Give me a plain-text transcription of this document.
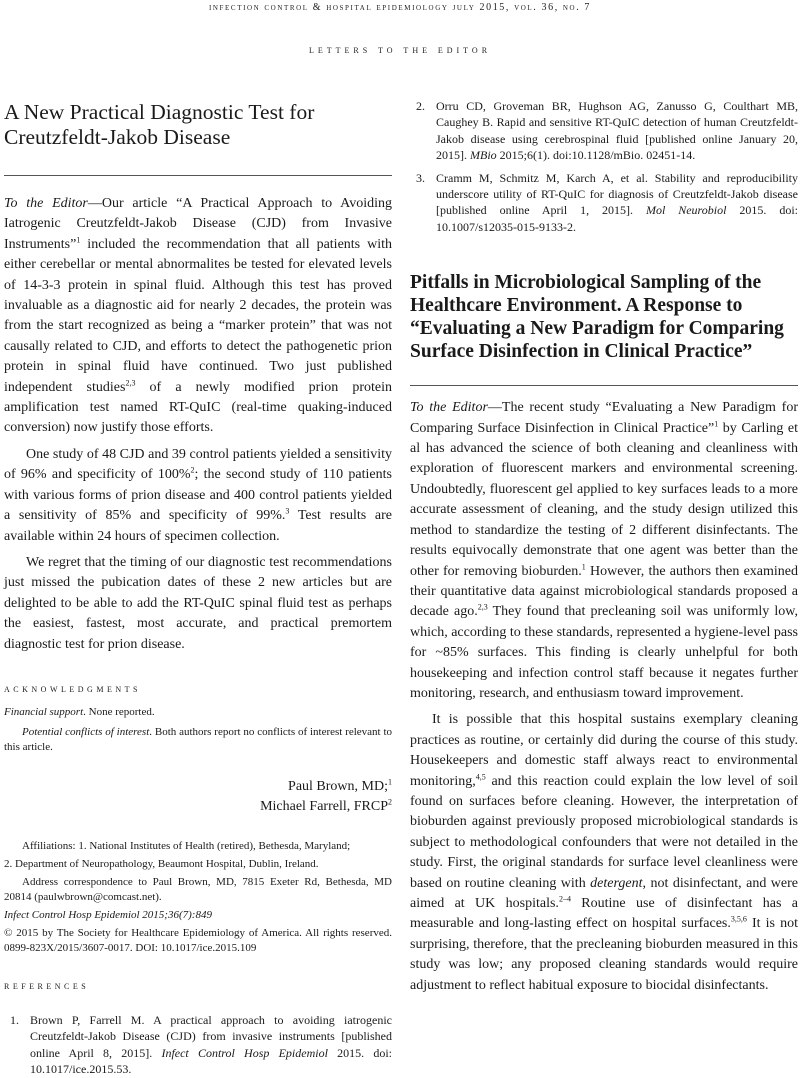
infection control & hospital epidemiology july 2015, vol. 36, no. 7
letters to the editor
A New Practical Diagnostic Test for
Creutzfeldt-Jakob Disease

To the Editor—Our article “A Practical Approach to Avoiding Iatrogenic Creutzfeldt-Jakob Disease (CJD) from Invasive Instruments”$^1$ included the recommendation that all patients with either cerebellar or mental abnormalites be tested for elevated levels of 14-3-3 protein in spinal fluid. Although this test has proved invaluable as a diagnostic aid for nearly 2 decades, the protein was from the start recognized as being a “marker protein” that was not causally related to CJD, and efforts to detect the pathogenetic prion protein in spinal fluid have continued. Two just published independent studies$^{2,3}$ of a newly modified prion protein amplification test named RT-QuIC (real-time quaking-induced conversion) now justify those efforts.

One study of 48 CJD and 39 control patients yielded a sensitivity of 96% and specificity of 100%$^2$; the second study of 110 patients with various forms of prion disease and 400 control patients yielded a sensitivity of 85% and specificity of 99%.$^3$ Test results are available within 24 hours of specimen collection.

We regret that the timing of our diagnostic test recommendations just missed the pubication dates of these 2 new articles but are delighted to be able to add the RT-QuIC spinal fluid test as perhaps the easiest, fastest, most accurate, and practical premortem diagnostic test for prion disease.

acknowledgments

Financial support. None reported.

Potential conflicts of interest. Both authors report no conflicts of interest relevant to this article.

Paul Brown, MD;$^1$

Michael Farrell, FRCP$^2$

Affiliations: 1. National Institutes of Health (retired), Bethesda, Maryland;

2. Department of Neuropathology, Beaumont Hospital, Dublin, Ireland.

Address correspondence to Paul Brown, MD, 7815 Exeter Rd, Bethesda, MD 20814 (paulwbrown@comcast.net).

Infect Control Hosp Epidemiol 2015;36(7):849

© 2015 by The Society for Healthcare Epidemiology of America. All rights reserved. 0899-823X/2015/3607-0017. DOI: 10.1017/ice.2015.109

references

1. Brown P, Farrell M. A practical approach to avoiding iatrogenic Creutzfeldt-Jakob Disease (CJD) from invasive instruments [published online April 8, 2015]. Infect Control Hosp Epidemiol 2015. doi: 10.1017/ice.2015.53.
2. Orru CD, Groveman BR, Hughson AG, Zanusso G, Coulthart MB, Caughey B. Rapid and sensitive RT-QuIC detection of human Creutzfeldt-Jakob disease using cerebrospinal fluid [published online January 20, 2015]. MBio 2015;6(1). doi:10.1128/mBio. 02451-14.
3. Cramm M, Schmitz M, Karch A, et al. Stability and reproducibility underscore utility of RT-QuIC for diagnosis of Creutzfeldt-Jakob disease [published online April 1, 2015]. Mol Neurobiol 2015. doi: 10.1007/s12035-015-9133-2.
Pitfalls in Microbiological Sampling of the
Healthcare Environment. A Response to
“Evaluating a New Paradigm for Comparing
Surface Disinfection in Clinical Practice”

To the Editor—The recent study “Evaluating a New Paradigm for Comparing Surface Disinfection in Clinical Practice”$^1$ by Carling et al has advanced the science of both cleaning and cleanliness with exploration of fluorescent markers and environmental screening. Undoubtedly, fluorescent gel applied to key surfaces leads to a more accurate assessment of cleaning, and the study design utilized this method to standardize the testing of 2 different disinfectants. The results equivocally demonstrate that one agent was better than the other for removing bioburden.$^1$ However, the authors then examined their quantitative data against microbiological standards proposed a decade ago.$^{2,3}$ They found that precleaning soil was uniformly low, which, according to these standards, represented a hygiene-level pass for ~85% surfaces. This finding is clearly unhelpful for both housekeeping and infection control staff because it negates further monitoring, research, and enthusiasm toward improvement.

It is possible that this hospital sustains exemplary cleaning practices as routine, or certainly did during the course of this study. Housekeepers and domestic staff always react to environmental monitoring,$^{4,5}$ and this reaction could explain the low level of soil found on surfaces before cleaning. However, the interpretation of bioburden against previously proposed microbiological standards is subject to methodological confounders that were not detailed in the study. First, the original standards for surface level cleanliness were based on routine cleaning with detergent, not disinfectant, and were aimed at UK hospitals.$^{2-4}$ Routine use of disinfectant has a measurable and long-lasting effect on hospital surfaces.$^{3,5,6}$ It is not surprising, therefore, that the precleaning bioburden measured in this study was low; any proposed cleaning standards would require adjustment to reflect habitual exposure to biocidal disinfectants.
